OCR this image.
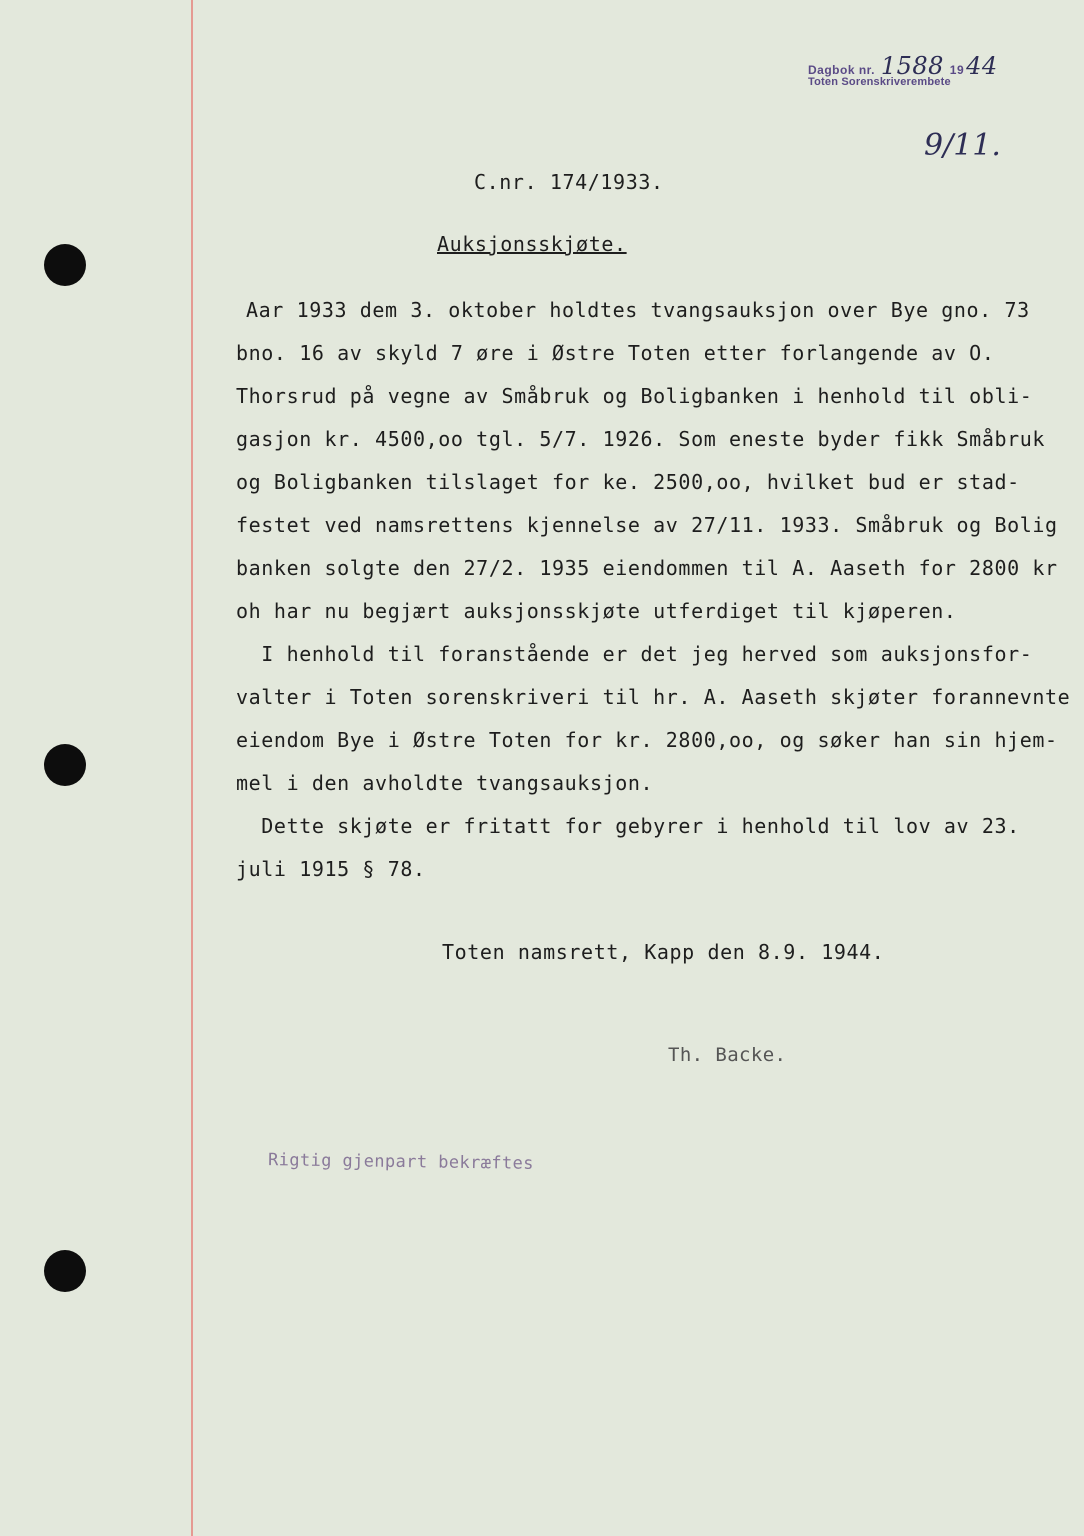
Dagbok nr. 1588 1944
Toten Sorenskriverembete
9/11.
C.nr. 174/1933.
Auksjonsskjøte.
Aar 1933 dem 3. oktober holdtes tvangsauksjon over Bye gno. 73
bno. 16 av skyld 7 øre i Østre Toten etter forlangende av O.
Thorsrud på vegne av Småbruk og Boligbanken i henhold til obli-
gasjon kr. 4500,oo tgl. 5/7. 1926. Som eneste byder fikk Småbruk
og Boligbanken tilslaget for ke. 2500,oo, hvilket bud er stad-
festet ved namsrettens kjennelse av 27/11. 1933. Småbruk og Bolig
banken solgte den 27/2. 1935 eiendommen til A. Aaseth for 2800 kr
oh har nu begjært auksjonsskjøte utferdiget til kjøperen.
I henhold til foranstående er det jeg herved som auksjonsfor-
valter i Toten sorenskriveri til hr. A. Aaseth skjøter forannevnte
eiendom Bye i Østre Toten for kr. 2800,oo, og søker han sin hjem-
mel i den avholdte tvangsauksjon.
Dette skjøte er fritatt for gebyrer i henhold til lov av 23.
juli 1915 § 78.
Toten namsrett, Kapp den 8.9. 1944.
Th. Backe.
Rigtig gjenpart bekræftes
